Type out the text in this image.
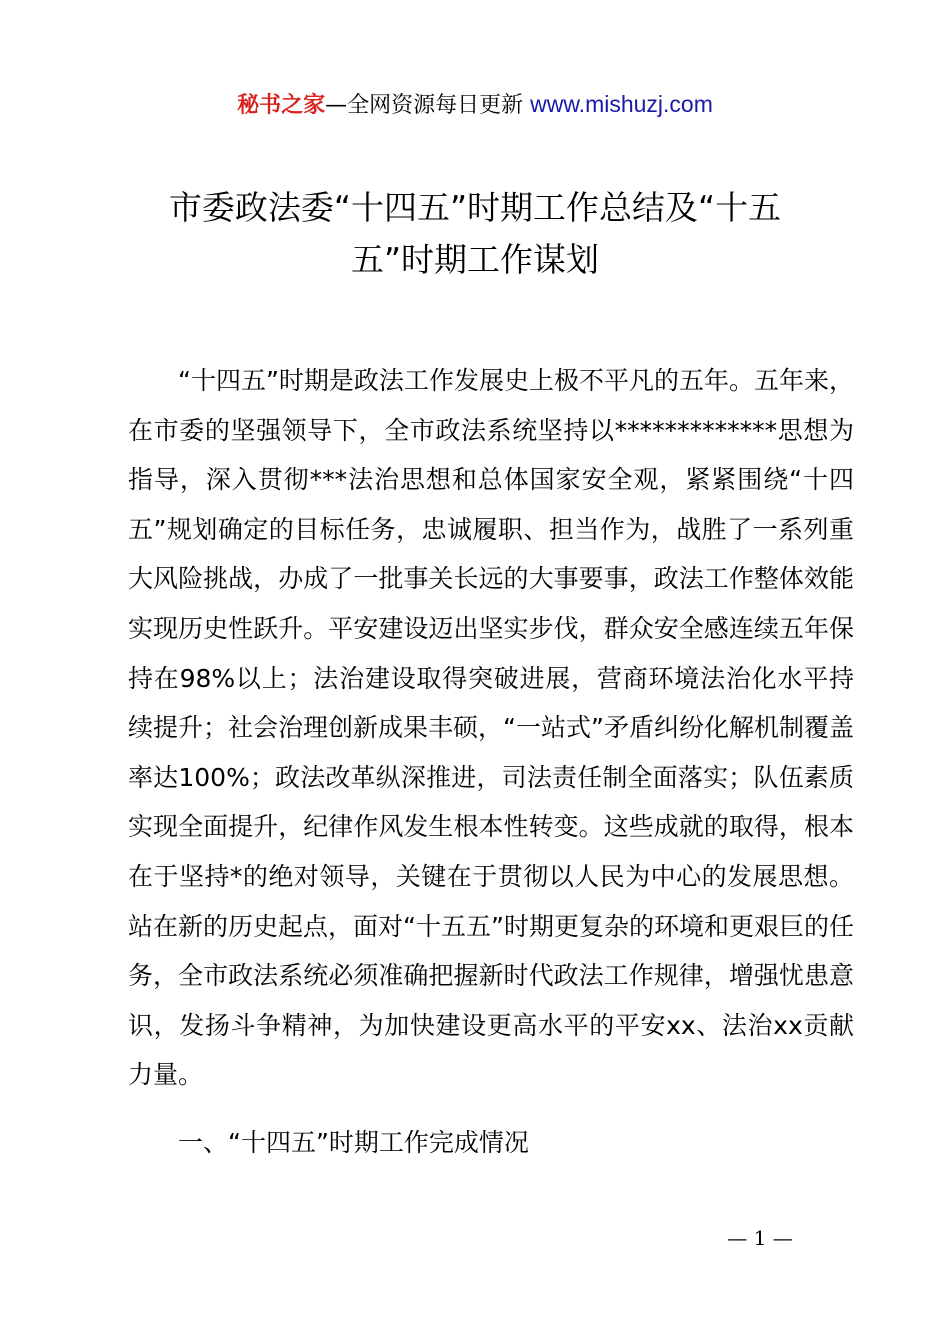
秘书之家—全网资源每日更新 www.mishuzj.com
市委政法委“十四五”时期工作总结及“十五
五”时期工作谋划

“十四五”时期是政法工作发展史上极不平凡的五年。五年来，在市委的坚强领导下，全市政法系统坚持以*************思想为指导，深入贯彻***法治思想和总体国家安全观，紧紧围绕“十四五”规划确定的目标任务，忠诚履职、担当作为，战胜了一系列重大风险挑战，办成了一批事关长远的大事要事，政法工作整体效能实现历史性跃升。平安建设迈出坚实步伐，群众安全感连续五年保持在98%以上；法治建设取得突破进展，营商环境法治化水平持续提升；社会治理创新成果丰硕，“一站式”矛盾纠纷化解机制覆盖率达100%；政法改革纵深推进，司法责任制全面落实；队伍素质实现全面提升，纪律作风发生根本性转变。这些成就的取得，根本在于坚持*的绝对领导，关键在于贯彻以人民为中心的发展思想。站在新的历史起点，面对“十五五”时期更复杂的环境和更艰巨的任务，全市政法系统必须准确把握新时代政法工作规律，增强忧患意识，发扬斗争精神，为加快建设更高水平的平安xx、法治xx贡献力量。

一、“十四五”时期工作完成情况
— 1 —
